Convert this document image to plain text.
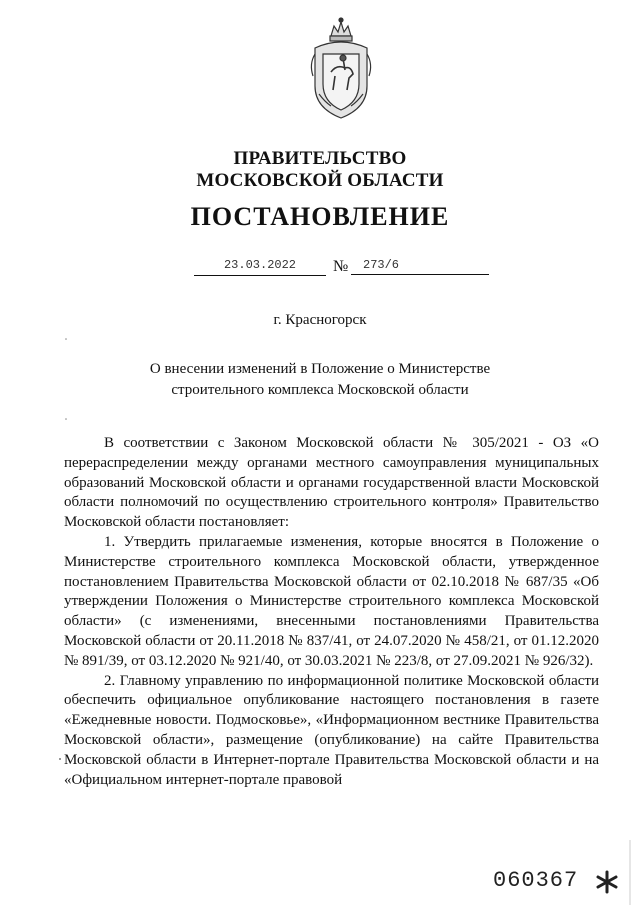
ПРАВИТЕЛЬСТВО
МОСКОВСКОЙ ОБЛАСТИ
ПОСТАНОВЛЕНИЕ
23.03.2022	№	273/6
г. Красногорск
О внесении изменений в Положение о Министерстве
строительного комплекса Московской области

В соответствии с Законом Московской области № 305/2021 - ОЗ «О перераспределении между органами местного самоуправления муниципальных образований Московской области и органами государственной власти Московской области полномочий по осуществлению строительного контроля» Правительство Московской области постановляет:

1. Утвердить прилагаемые изменения, которые вносятся в Положение о Министерстве строительного комплекса Московской области, утвержденное постановлением Правительства Московской области от 02.10.2018 № 687/35 «Об утверждении Положения о Министерстве строительного комплекса Московской области» (с изменениями, внесенными постановлениями Правительства Московской области от 20.11.2018 № 837/41, от 24.07.2020 № 458/21, от 01.12.2020 № 891/39, от 03.12.2020 № 921/40, от 30.03.2021 № 223/8, от 27.09.2021 № 926/32).

2. Главному управлению по информационной политике Московской области обеспечить официальное опубликование настоящего постановления в газете «Ежедневные новости. Подмосковье», «Информационном вестнике Правительства Московской области», размещение (опубликование) на сайте Правительства Московской области в Интернет-портале Правительства Московской области и на «Официальном интернет-портале правовой

060367
